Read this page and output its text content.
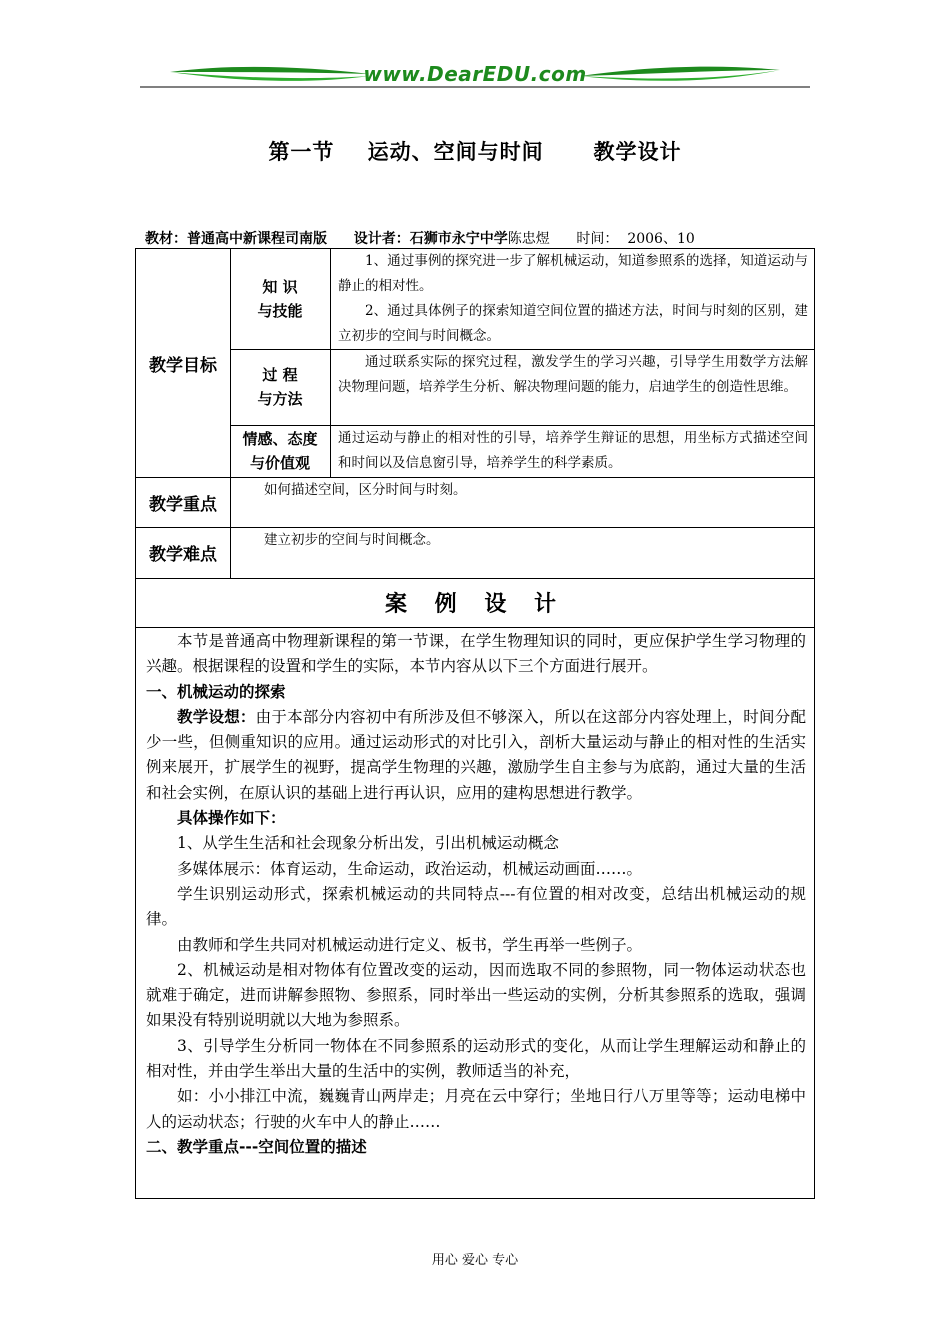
www.DearEDU.com
第一节    运动、空间与时间      教学设计
教材：普通高中新课程司南版 设计者：石狮市永宁中学陈忠煜 时间： 2006、10
教学目标
知 识
与技能
1、通过事例的探究进一步了解机械运动，知道参照系的选择，知道运动与静止的相对性。
2、通过具体例子的探索知道空间位置的描述方法，时间与时刻的区别，建立初步的空间与时间概念。
过 程
与方法
通过联系实际的探究过程，激发学生的学习兴趣，引导学生用数学方法解决物理问题，培养学生分析、解决物理问题的能力，启迪学生的创造性思维。
情感、态度
与价值观
通过运动与静止的相对性的引导，培养学生辩证的思想，用坐标方式描述空间和时间以及信息窗引导，培养学生的科学素质。
教学重点
如何描述空间，区分时间与时刻。
教学难点
建立初步的空间与时间概念。
案 例 设 计

本节是普通高中物理新课程的第一节课，在学生物理知识的同时，更应保护学生学习物理的兴趣。根据课程的设置和学生的实际，本节内容从以下三个方面进行展开。

一、机械运动的探索

教学设想：由于本部分内容初中有所涉及但不够深入，所以在这部分内容处理上，时间分配少一些，但侧重知识的应用。通过运动形式的对比引入，剖析大量运动与静止的相对性的生活实例来展开，扩展学生的视野，提高学生物理的兴趣，激励学生自主参与为底韵，通过大量的生活和社会实例，在原认识的基础上进行再认识，应用的建构思想进行教学。

具体操作如下：

1、从学生生活和社会现象分析出发，引出机械运动概念

多媒体展示：体育运动，生命运动，政治运动，机械运动画面……。

学生识别运动形式，探索机械运动的共同特点---有位置的相对改变，总结出机械运动的规律。

由教师和学生共同对机械运动进行定义、板书，学生再举一些例子。

2、机械运动是相对物体有位置改变的运动，因而选取不同的参照物，同一物体运动状态也就难于确定，进而讲解参照物、参照系，同时举出一些运动的实例，分析其参照系的选取，强调如果没有特别说明就以大地为参照系。

3、引导学生分析同一物体在不同参照系的运动形式的变化，从而让学生理解运动和静止的相对性，并由学生举出大量的生活中的实例，教师适当的补充，

如：小小排江中流，巍巍青山两岸走；月亮在云中穿行；坐地日行八万里等等；运动电梯中人的运动状态；行驶的火车中人的静止……

二、教学重点---空间位置的描述

用心 爱心 专心
